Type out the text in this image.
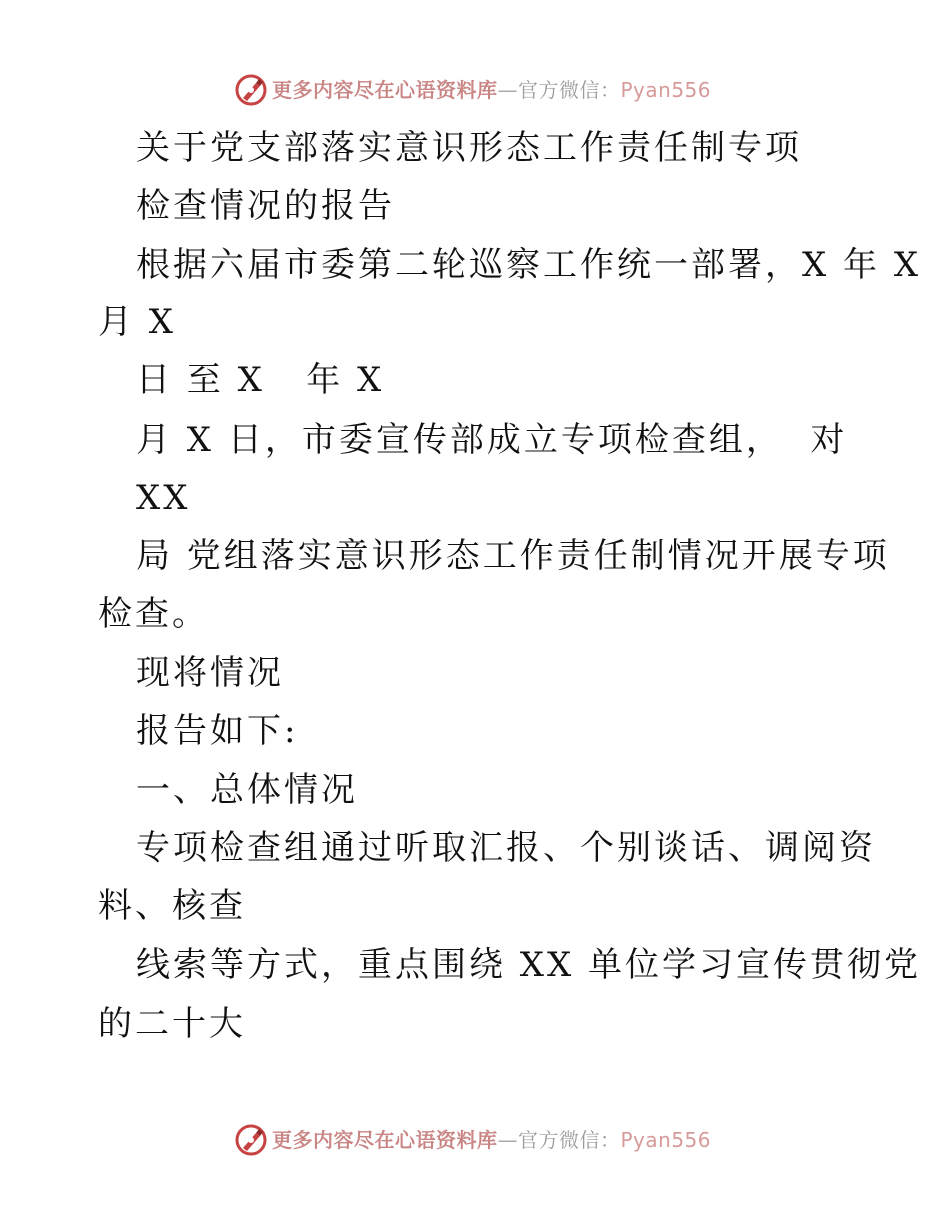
更多内容尽在心语资料库—官方微信：Pyan556
关于党支部落实意识形态工作责任制专项
检查情况的报告
根据六届市委第二轮巡察工作统一部署，X 年 X
月 X
日 至 X   年 X
月 X 日，市委宣传部成立专项检查组，  对
XX
局 党组落实意识形态工作责任制情况开展专项
检查。
现将情况
报告如下:
一、总体情况
专项检查组通过听取汇报、个别谈话、调阅资
料、核查
线索等方式，重点围绕 XX 单位学习宣传贯彻党
的二十大
更多内容尽在心语资料库—官方微信：Pyan556
